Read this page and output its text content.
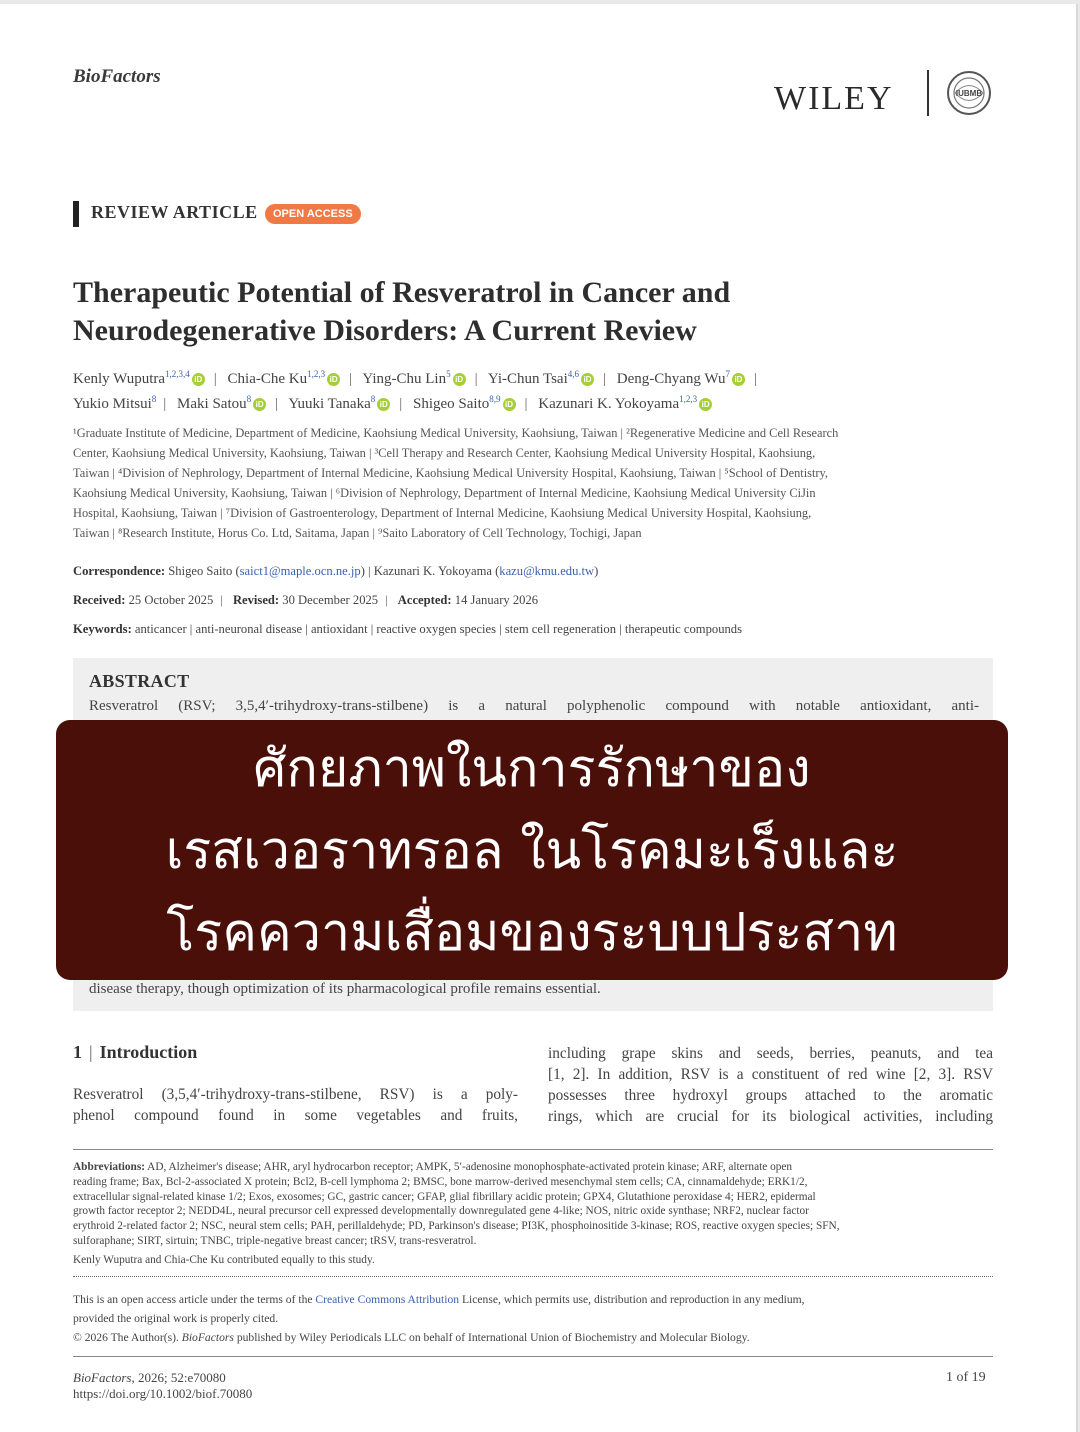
BioFactors
WILEY	IUBMB
REVIEW ARTICLE	OPEN ACCESS
Therapeutic Potential of Resveratrol in Cancer and
Neurodegenerative Disorders: A Current Review
Kenly Wuputra$^{1,2,3,4}$iD | Chia-Che Ku$^{1,2,3}$iD | Ying-Chu Lin$^5$iD | Yi-Chun Tsai$^{4,6}$iD | Deng-Chyang Wu$^7$iD |
Yukio Mitsui$^8$ | Maki Satou$^8$iD | Yuuki Tanaka$^8$iD | Shigeo Saito$^{8,9}$iD | Kazunari K. Yokoyama$^{1,2,3}$iD
¹Graduate Institute of Medicine, Department of Medicine, Kaohsiung Medical University, Kaohsiung, Taiwan | ²Regenerative Medicine and Cell Research
Center, Kaohsiung Medical University, Kaohsiung, Taiwan | ³Cell Therapy and Research Center, Kaohsiung Medical University Hospital, Kaohsiung,
Taiwan | ⁴Division of Nephrology, Department of Internal Medicine, Kaohsiung Medical University Hospital, Kaohsiung, Taiwan | ⁵School of Dentistry,
Kaohsiung Medical University, Kaohsiung, Taiwan | ⁶Division of Nephrology, Department of Internal Medicine, Kaohsiung Medical University CiJin
Hospital, Kaohsiung, Taiwan | ⁷Division of Gastroenterology, Department of Internal Medicine, Kaohsiung Medical University Hospital, Kaohsiung,
Taiwan | ⁸Research Institute, Horus Co. Ltd, Saitama, Japan | ⁹Saito Laboratory of Cell Technology, Tochigi, Japan
Correspondence: Shigeo Saito (saict1@maple.ocn.ne.jp) | Kazunari K. Yokoyama (kazu@kmu.edu.tw)
Received: 25 October 2025 | Revised: 30 December 2025 | Accepted: 14 January 2026
Keywords: anticancer | anti-neuronal disease | antioxidant | reactive oxygen species | stem cell regeneration | therapeutic compounds
ABSTRACT
Resveratrol (RSV; 3,5,4′-trihydroxy-trans-stilbene) is a natural polyphenolic compound with notable antioxidant, anti-
disease therapy, though optimization of its pharmacological profile remains essential.
ศักยภาพในการรักษาของ
เรสเวอราทรอล ในโรคมะเร็งและ
โรคความเสื่อมของระบบประสาท
1 | Introduction
Resveratrol (3,5,4′-trihydroxy-trans-stilbene, RSV) is a poly-
phenol compound found in some vegetables and fruits,
including grape skins and seeds, berries, peanuts, and tea
[1, 2]. In addition, RSV is a constituent of red wine [2, 3]. RSV
possesses three hydroxyl groups attached to the aromatic
rings, which are crucial for its biological activities, including
Abbreviations: AD, Alzheimer's disease; AHR, aryl hydrocarbon receptor; AMPK, 5′-adenosine monophosphate-activated protein kinase; ARF, alternate open
reading frame; Bax, Bcl-2-associated X protein; Bcl2, B-cell lymphoma 2; BMSC, bone marrow-derived mesenchymal stem cells; CA, cinnamaldehyde; ERK1/2,
extracellular signal-related kinase 1/2; Exos, exosomes; GC, gastric cancer; GFAP, glial fibrillary acidic protein; GPX4, Glutathione peroxidase 4; HER2, epidermal
growth factor receptor 2; NEDD4L, neural precursor cell expressed developmentally downregulated gene 4-like; NOS, nitric oxide synthase; NRF2, nuclear factor
erythroid 2-related factor 2; NSC, neural stem cells; PAH, perillaldehyde; PD, Parkinson's disease; PI3K, phosphoinositide 3-kinase; ROS, reactive oxygen species; SFN,
sulforaphane; SIRT, sirtuin; TNBC, triple-negative breast cancer; tRSV, trans-resveratrol.
Kenly Wuputra and Chia-Che Ku contributed equally to this study.
This is an open access article under the terms of the Creative Commons Attribution License, which permits use, distribution and reproduction in any medium,
provided the original work is properly cited.
© 2026 The Author(s). BioFactors published by Wiley Periodicals LLC on behalf of International Union of Biochemistry and Molecular Biology.
BioFactors, 2026; 52:e70080
https://doi.org/10.1002/biof.70080
1 of 19
